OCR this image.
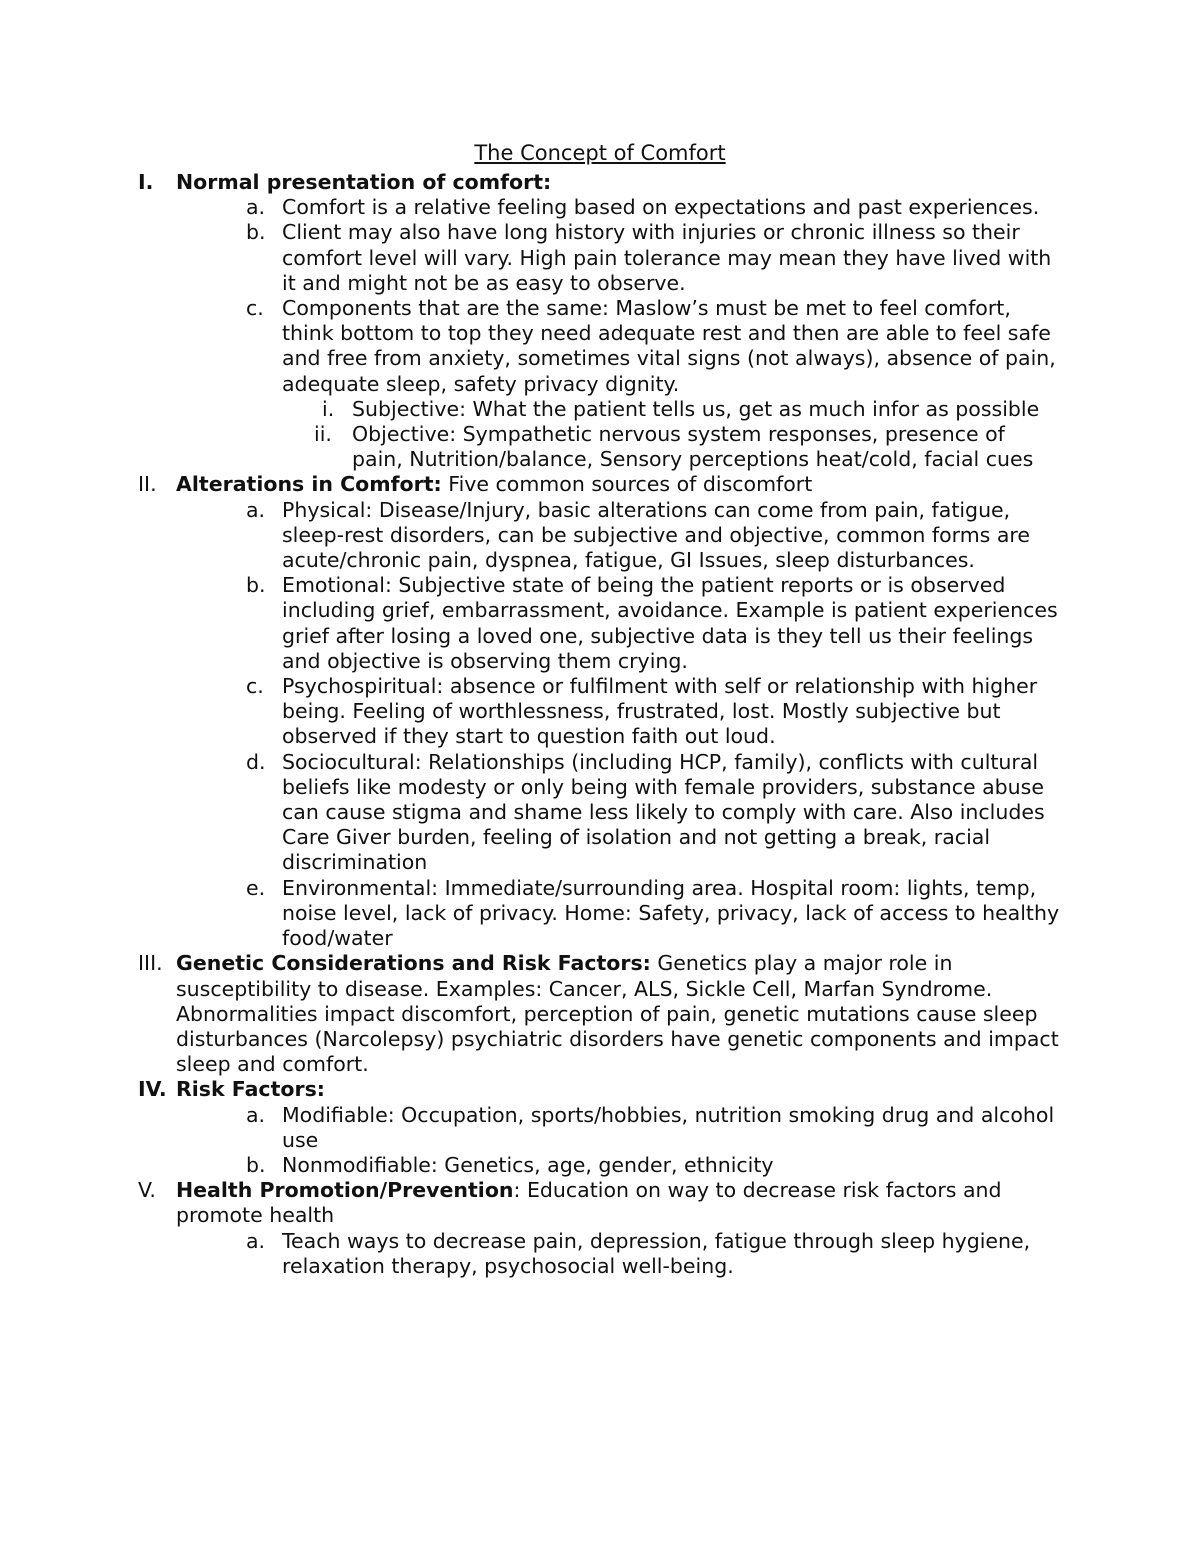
The Concept of Comfort
I. Normal presentation of comfort:
a. Comfort is a relative feeling based on expectations and past experiences.
b. Client may also have long history with injuries or chronic illness so their comfort level will vary. High pain tolerance may mean they have lived with it and might not be as easy to observe.
c. Components that are the same: Maslow’s must be met to feel comfort, think bottom to top they need adequate rest and then are able to feel safe and free from anxiety, sometimes vital signs (not always), absence of pain, adequate sleep, safety privacy dignity.
i. Subjective: What the patient tells us, get as much infor as possible
ii. Objective: Sympathetic nervous system responses, presence of pain, Nutrition/balance, Sensory perceptions heat/cold, facial cues
II. Alterations in Comfort: Five common sources of discomfort
a. Physical: Disease/Injury, basic alterations can come from pain, fatigue, sleep-rest disorders, can be subjective and objective, common forms are acute/chronic pain, dyspnea, fatigue, GI Issues, sleep disturbances.
b. Emotional: Subjective state of being the patient reports or is observed including grief, embarrassment, avoidance. Example is patient experiences grief after losing a loved one, subjective data is they tell us their feelings and objective is observing them crying.
c. Psychospiritual: absence or fulfilment with self or relationship with higher being. Feeling of worthlessness, frustrated, lost. Mostly subjective but observed if they start to question faith out loud.
d. Sociocultural: Relationships (including HCP, family), conflicts with cultural beliefs like modesty or only being with female providers, substance abuse can cause stigma and shame less likely to comply with care. Also includes Care Giver burden, feeling of isolation and not getting a break, racial discrimination
e. Environmental: Immediate/surrounding area. Hospital room: lights, temp, noise level, lack of privacy. Home: Safety, privacy, lack of access to healthy food/water
III. Genetic Considerations and Risk Factors: Genetics play a major role in susceptibility to disease. Examples: Cancer, ALS, Sickle Cell, Marfan Syndrome. Abnormalities impact discomfort, perception of pain, genetic mutations cause sleep disturbances (Narcolepsy) psychiatric disorders have genetic components and impact sleep and comfort.
IV. Risk Factors:
a. Modifiable: Occupation, sports/hobbies, nutrition smoking drug and alcohol use
b. Nonmodifiable: Genetics, age, gender, ethnicity
V. Health Promotion/Prevention: Education on way to decrease risk factors and promote health
a. Teach ways to decrease pain, depression, fatigue through sleep hygiene, relaxation therapy, psychosocial well-being.
